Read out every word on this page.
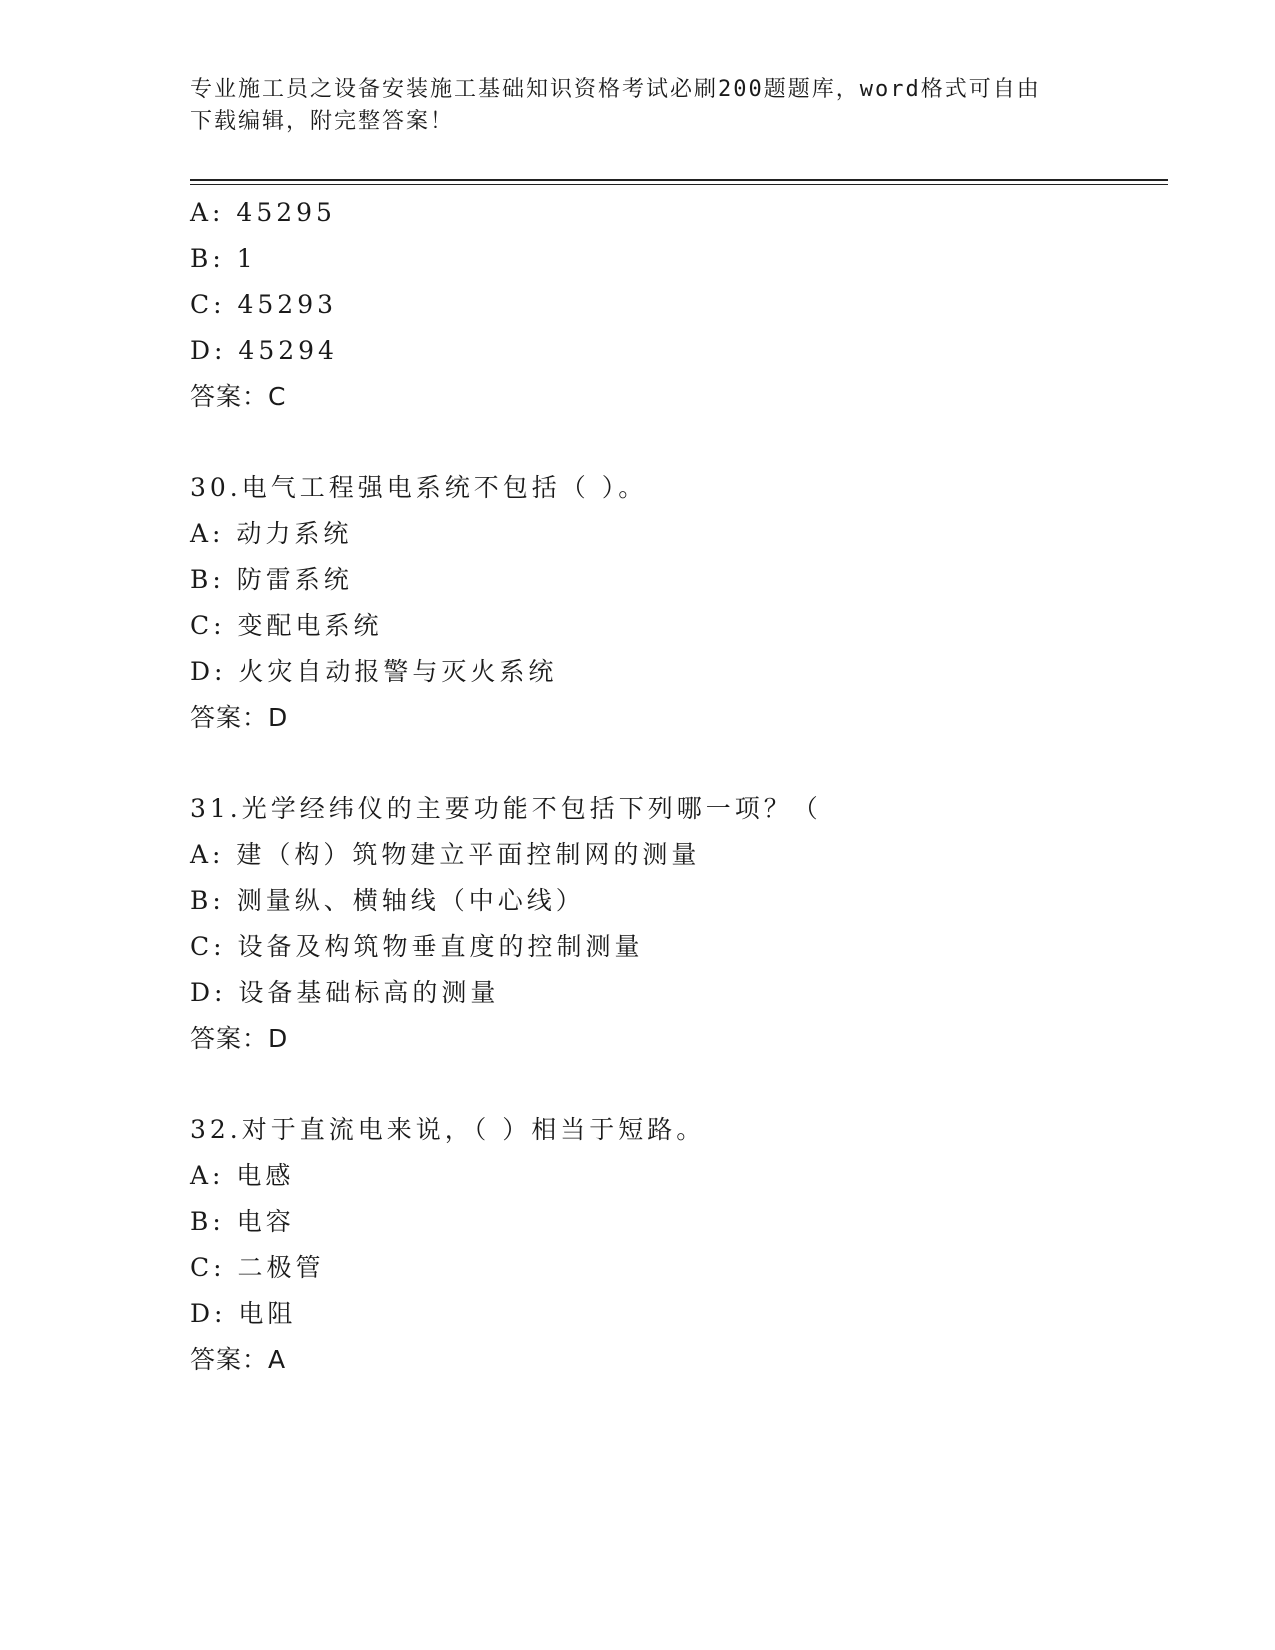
专业施工员之设备安装施工基础知识资格考试必刷200题题库，word格式可自由
下载编辑，附完整答案！
A: 45295
B: 1
C: 45293
D: 45294
答案：C
30.电气工程强电系统不包括（ ）。
A: 动力系统
B: 防雷系统
C: 变配电系统
D: 火灾自动报警与灭火系统
答案：D
31.光学经纬仪的主要功能不包括下列哪一项？（
A: 建（构）筑物建立平面控制网的测量
B: 测量纵、横轴线（中心线）
C: 设备及构筑物垂直度的控制测量
D: 设备基础标高的测量
答案：D
32.对于直流电来说，（ ）相当于短路。
A: 电感
B: 电容
C: 二极管
D: 电阻
答案：A
